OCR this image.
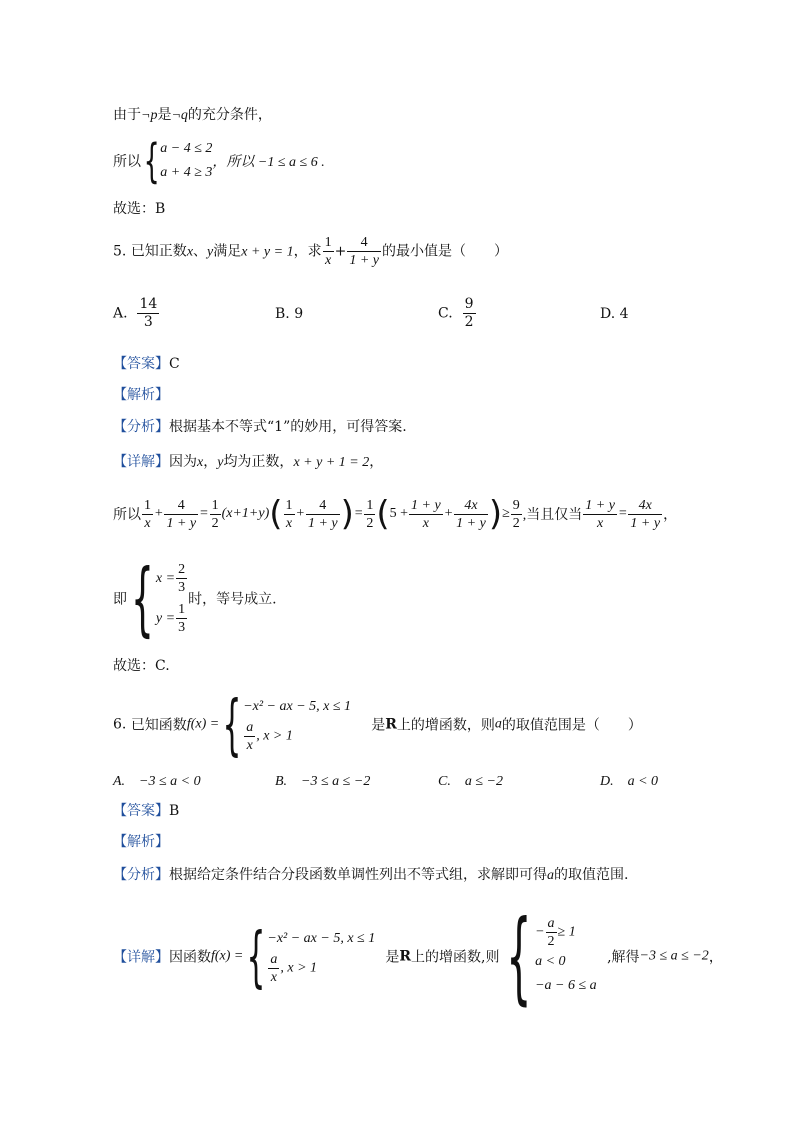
由于¬p是¬q的充分条件，
所以{ a − 4 ≤ 2
a + 4 ≥ 3
，所以 −1 ≤ a ≤ 6 .
故选：B
5. 已知正数x、y满足x + y = 1，求 $\frac{1}{x} + \frac{4}{1 + y}$ 的最小值是（　　）
A. $\frac{14}{3}$	B. 9	C. $\frac{9}{2}$	D. 4
【答案】C
【解析】
【分析】根据基本不等式“1”的妙用，可得答案.
【详解】因为x，y均为正数，x + y + 1 = 2，
所以 $\frac{1}{x} + \frac{4}{1 + y} = \frac{1}{2} (x+1+y)( \frac{1}{x} + \frac{4}{1 + y}$ )= $\frac{1}{2} (5 + \frac{1 + y}{x} + \frac{4x}{1 + y}$ )≥ $\frac{9}{2}$ ,当且仅当 $\frac{1 + y}{x} = \frac{4x}{1 + y}$ ，
即{ $x = \frac{2}{3}$
$y = \frac{1}{3}$
时，等号成立.
故选：C.
6. 已知函数f(x) ={ −x² − ax − 5, x ≤ 1
$\frac{a}{x}$ , x > 1
是R上的增函数，则a的取值范围是（　　）
A.　−3 ≤ a < 0	B.　−3 ≤ a ≤ −2	C.　a ≤ −2	D.　a < 0
【答案】B
【解析】
【分析】根据给定条件结合分段函数单调性列出不等式组，求解即可得a的取值范围.
【详解】因函数f(x) ={ −x² − ax − 5, x ≤ 1
$\frac{a}{x}$ , x > 1
是R上的增函数,则{ − $\frac{a}{2} \ge 1$
a < 0
−a − 6 ≤ a
,解得−3 ≤ a ≤ −2，
